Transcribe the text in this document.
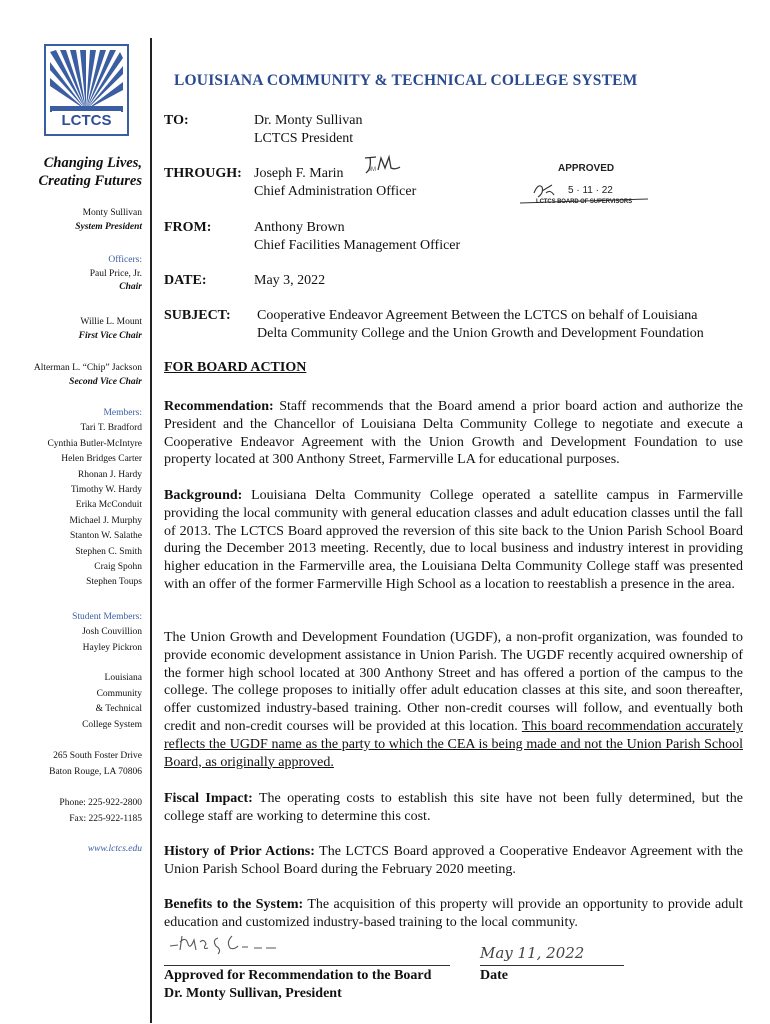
LCTCS
Changing Lives,
Creating Futures
Monty Sullivan
System President
Officers:
Paul Price, Jr.
Chair
Willie L. Mount
First Vice Chair
Alterman L. “Chip” Jackson
Second Vice Chair
Members:
Tari T. Bradford
Cynthia Butler-McIntyre
Helen Bridges Carter
Rhonan J. Hardy
Timothy W. Hardy
Erika McConduit
Michael J. Murphy
Stanton W. Salathe
Stephen C. Smith
Craig Spohn
Stephen Toups
Student Members:
Josh Couvillion
Hayley Pickron
Louisiana
Community
& Technical
College System
265 South Foster Drive
Baton Rouge, LA 70806
Phone: 225-922-2800
Fax: 225-922-1185
www.lctcs.edu
LOUISIANA COMMUNITY & TECHNICAL COLLEGE SYSTEM
TO:	Dr. Monty Sullivan
LCTCS President
THROUGH: Joseph F. Marin
Chief Administration Officer
JM	APPROVED
5 · 11 · 22
LCTCS BOARD OF SUPERVISORS
FROM:	Anthony Brown
Chief Facilities Management Officer
DATE:	May 3, 2022
SUBJECT: Cooperative Endeavor Agreement Between the LCTCS on behalf of Louisiana
Delta Community College and the Union Growth and Development Foundation
FOR BOARD ACTION
Recommendation: Staff recommends that the Board amend a prior board action and authorize the President and the Chancellor of Louisiana Delta Community College to negotiate and execute a Cooperative Endeavor Agreement with the Union Growth and Development Foundation to use property located at 300 Anthony Street, Farmerville LA for educational purposes.
Background: Louisiana Delta Community College operated a satellite campus in Farmerville providing the local community with general education classes and adult education classes until the fall of 2013. The LCTCS Board approved the reversion of this site back to the Union Parish School Board during the December 2013 meeting. Recently, due to local business and industry interest in providing higher education in the Farmerville area, the Louisiana Delta Community College staff was presented with an offer of the former Farmerville High School as a location to reestablish a presence in the area.
The Union Growth and Development Foundation (UGDF), a non-profit organization, was founded to provide economic development assistance in Union Parish. The UGDF recently acquired ownership of the former high school located at 300 Anthony Street and has offered a portion of the campus to the college. The college proposes to initially offer adult education classes at this site, and soon thereafter, offer customized industry-based training. Other non-credit courses will follow, and eventually both credit and non-credit courses will be provided at this location. This board recommendation accurately reflects the UGDF name as the party to which the CEA is being made and not the Union Parish School Board, as originally approved.
Fiscal Impact: The operating costs to establish this site have not been fully determined, but the college staff are working to determine this cost.
History of Prior Actions: The LCTCS Board approved a Cooperative Endeavor Agreement with the Union Parish School Board during the February 2020 meeting.
Benefits to the System: The acquisition of this property will provide an opportunity to provide adult education and customized industry-based training to the local community.
May 11, 2022
Approved for Recommendation to the Board
Dr. Monty Sullivan, President
Date
